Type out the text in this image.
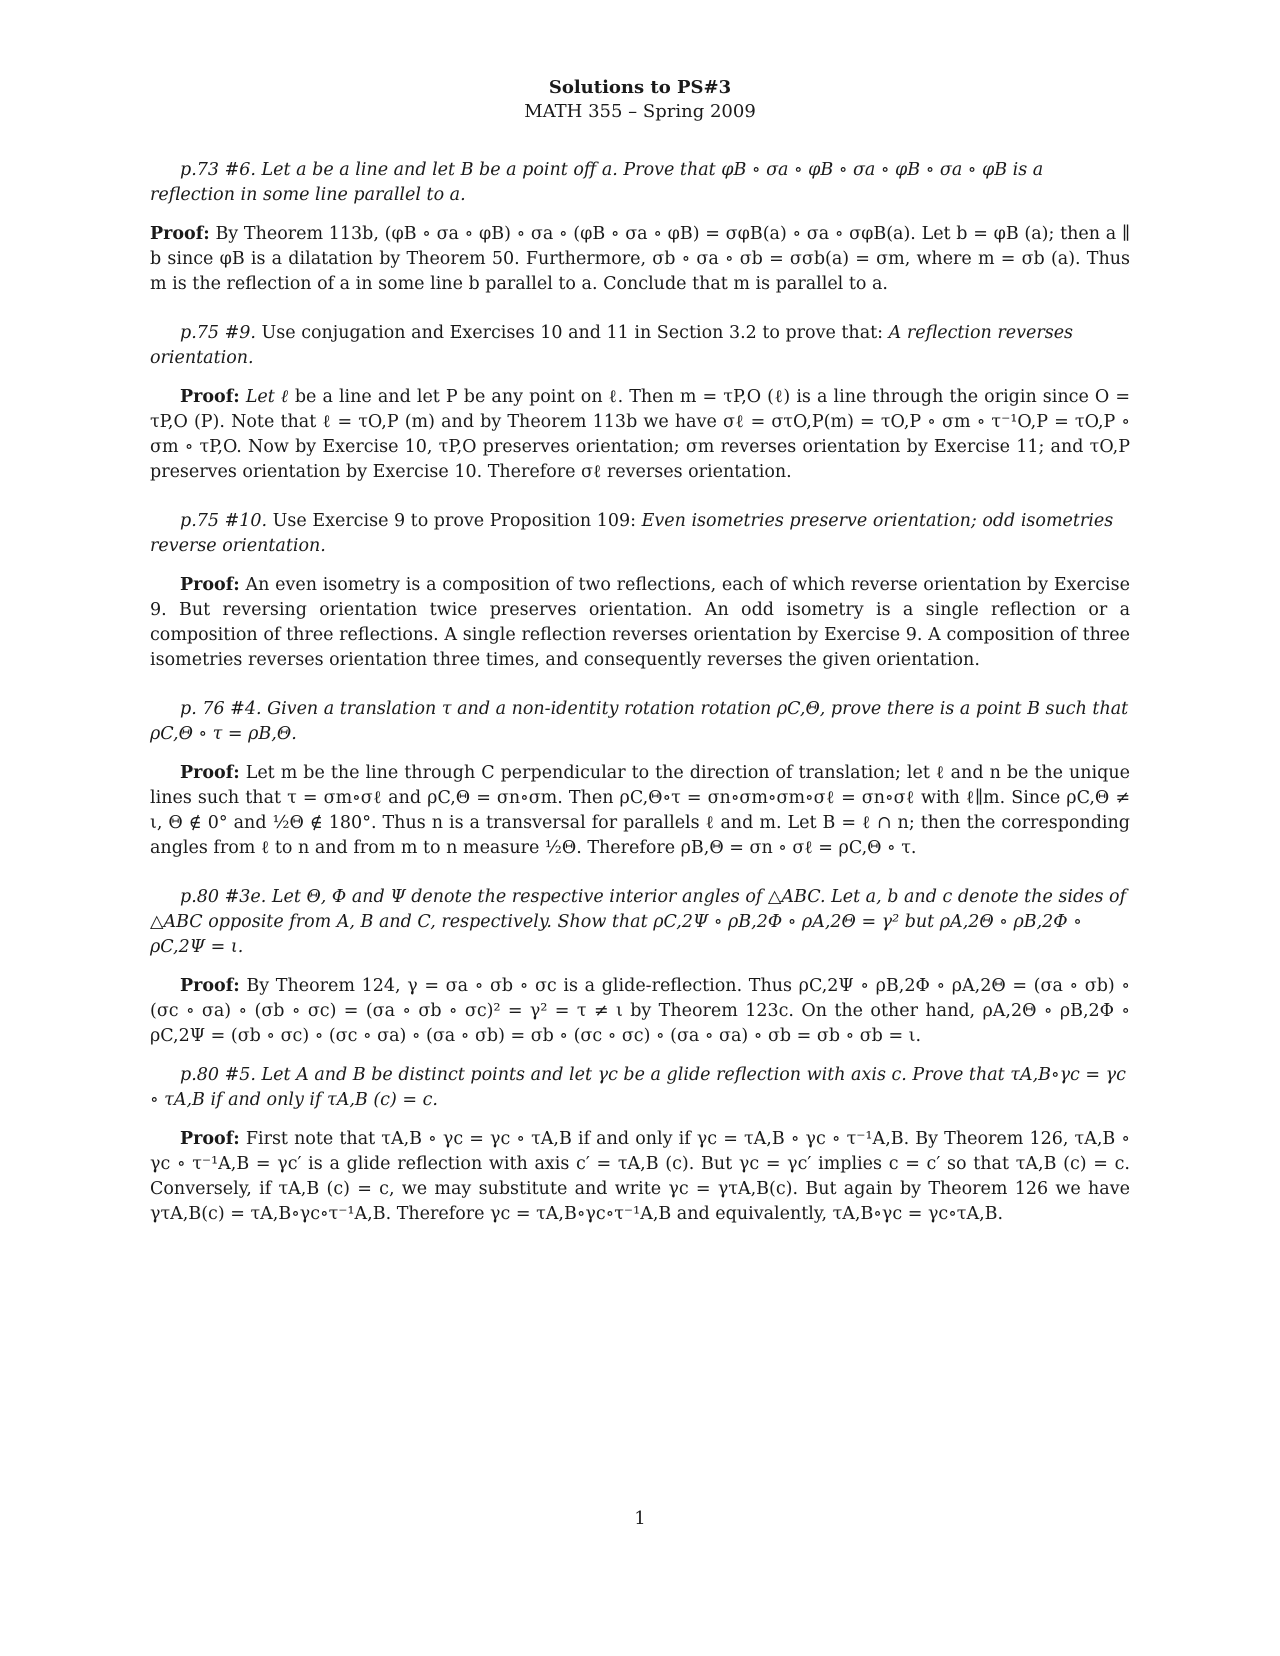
Solutions to PS#3
MATH 355 – Spring 2009

p.73 #6. Let a be a line and let B be a point off a. Prove that φB ∘ σa ∘ φB ∘ σa ∘ φB ∘ σa ∘ φB is a reflection in some line parallel to a.

Proof: By Theorem 113b, (φB ∘ σa ∘ φB) ∘ σa ∘ (φB ∘ σa ∘ φB) = σφB(a) ∘ σa ∘ σφB(a). Let b = φB (a); then a ∥ b since φB is a dilatation by Theorem 50. Furthermore, σb ∘ σa ∘ σb = σσb(a) = σm, where m = σb (a). Thus m is the reflection of a in some line b parallel to a. Conclude that m is parallel to a.

p.75 #9. Use conjugation and Exercises 10 and 11 in Section 3.2 to prove that: A reflection reverses orientation.

Proof: Let ℓ be a line and let P be any point on ℓ. Then m = τP,O (ℓ) is a line through the origin since O = τP,O (P). Note that ℓ = τO,P (m) and by Theorem 113b we have σℓ = στO,P(m) = τO,P ∘ σm ∘ τ⁻¹O,P = τO,P ∘ σm ∘ τP,O. Now by Exercise 10, τP,O preserves orientation; σm reverses orientation by Exercise 11; and τO,P preserves orientation by Exercise 10. Therefore σℓ reverses orientation.

p.75 #10. Use Exercise 9 to prove Proposition 109: Even isometries preserve orientation; odd isometries reverse orientation.

Proof: An even isometry is a composition of two reflections, each of which reverse orientation by Exercise 9. But reversing orientation twice preserves orientation. An odd isometry is a single reflection or a composition of three reflections. A single reflection reverses orientation by Exercise 9. A composition of three isometries reverses orientation three times, and consequently reverses the given orientation.

p. 76 #4. Given a translation τ and a non-identity rotation rotation ρC,Θ, prove there is a point B such that ρC,Θ ∘ τ = ρB,Θ.

Proof: Let m be the line through C perpendicular to the direction of translation; let ℓ and n be the unique lines such that τ = σm∘σℓ and ρC,Θ = σn∘σm. Then ρC,Θ∘τ = σn∘σm∘σm∘σℓ = σn∘σℓ with ℓ∥m. Since ρC,Θ ≠ ι, Θ ∉ 0° and ½Θ ∉ 180°. Thus n is a transversal for parallels ℓ and m. Let B = ℓ ∩ n; then the corresponding angles from ℓ to n and from m to n measure ½Θ. Therefore ρB,Θ = σn ∘ σℓ = ρC,Θ ∘ τ.

p.80 #3e. Let Θ, Φ and Ψ denote the respective interior angles of △ABC. Let a, b and c denote the sides of △ABC opposite from A, B and C, respectively. Show that ρC,2Ψ ∘ ρB,2Φ ∘ ρA,2Θ = γ² but ρA,2Θ ∘ ρB,2Φ ∘ ρC,2Ψ = ι.

Proof: By Theorem 124, γ = σa ∘ σb ∘ σc is a glide-reflection. Thus ρC,2Ψ ∘ ρB,2Φ ∘ ρA,2Θ = (σa ∘ σb) ∘ (σc ∘ σa) ∘ (σb ∘ σc) = (σa ∘ σb ∘ σc)² = γ² = τ ≠ ι by Theorem 123c. On the other hand, ρA,2Θ ∘ ρB,2Φ ∘ ρC,2Ψ = (σb ∘ σc) ∘ (σc ∘ σa) ∘ (σa ∘ σb) = σb ∘ (σc ∘ σc) ∘ (σa ∘ σa) ∘ σb = σb ∘ σb = ι.

p.80 #5. Let A and B be distinct points and let γc be a glide reflection with axis c. Prove that τA,B∘γc = γc ∘ τA,B if and only if τA,B (c) = c.

Proof: First note that τA,B ∘ γc = γc ∘ τA,B if and only if γc = τA,B ∘ γc ∘ τ⁻¹A,B. By Theorem 126, τA,B ∘ γc ∘ τ⁻¹A,B = γc′ is a glide reflection with axis c′ = τA,B (c). But γc = γc′ implies c = c′ so that τA,B (c) = c. Conversely, if τA,B (c) = c, we may substitute and write γc = γτA,B(c). But again by Theorem 126 we have γτA,B(c) = τA,B∘γc∘τ⁻¹A,B. Therefore γc = τA,B∘γc∘τ⁻¹A,B and equivalently, τA,B∘γc = γc∘τA,B.

1
